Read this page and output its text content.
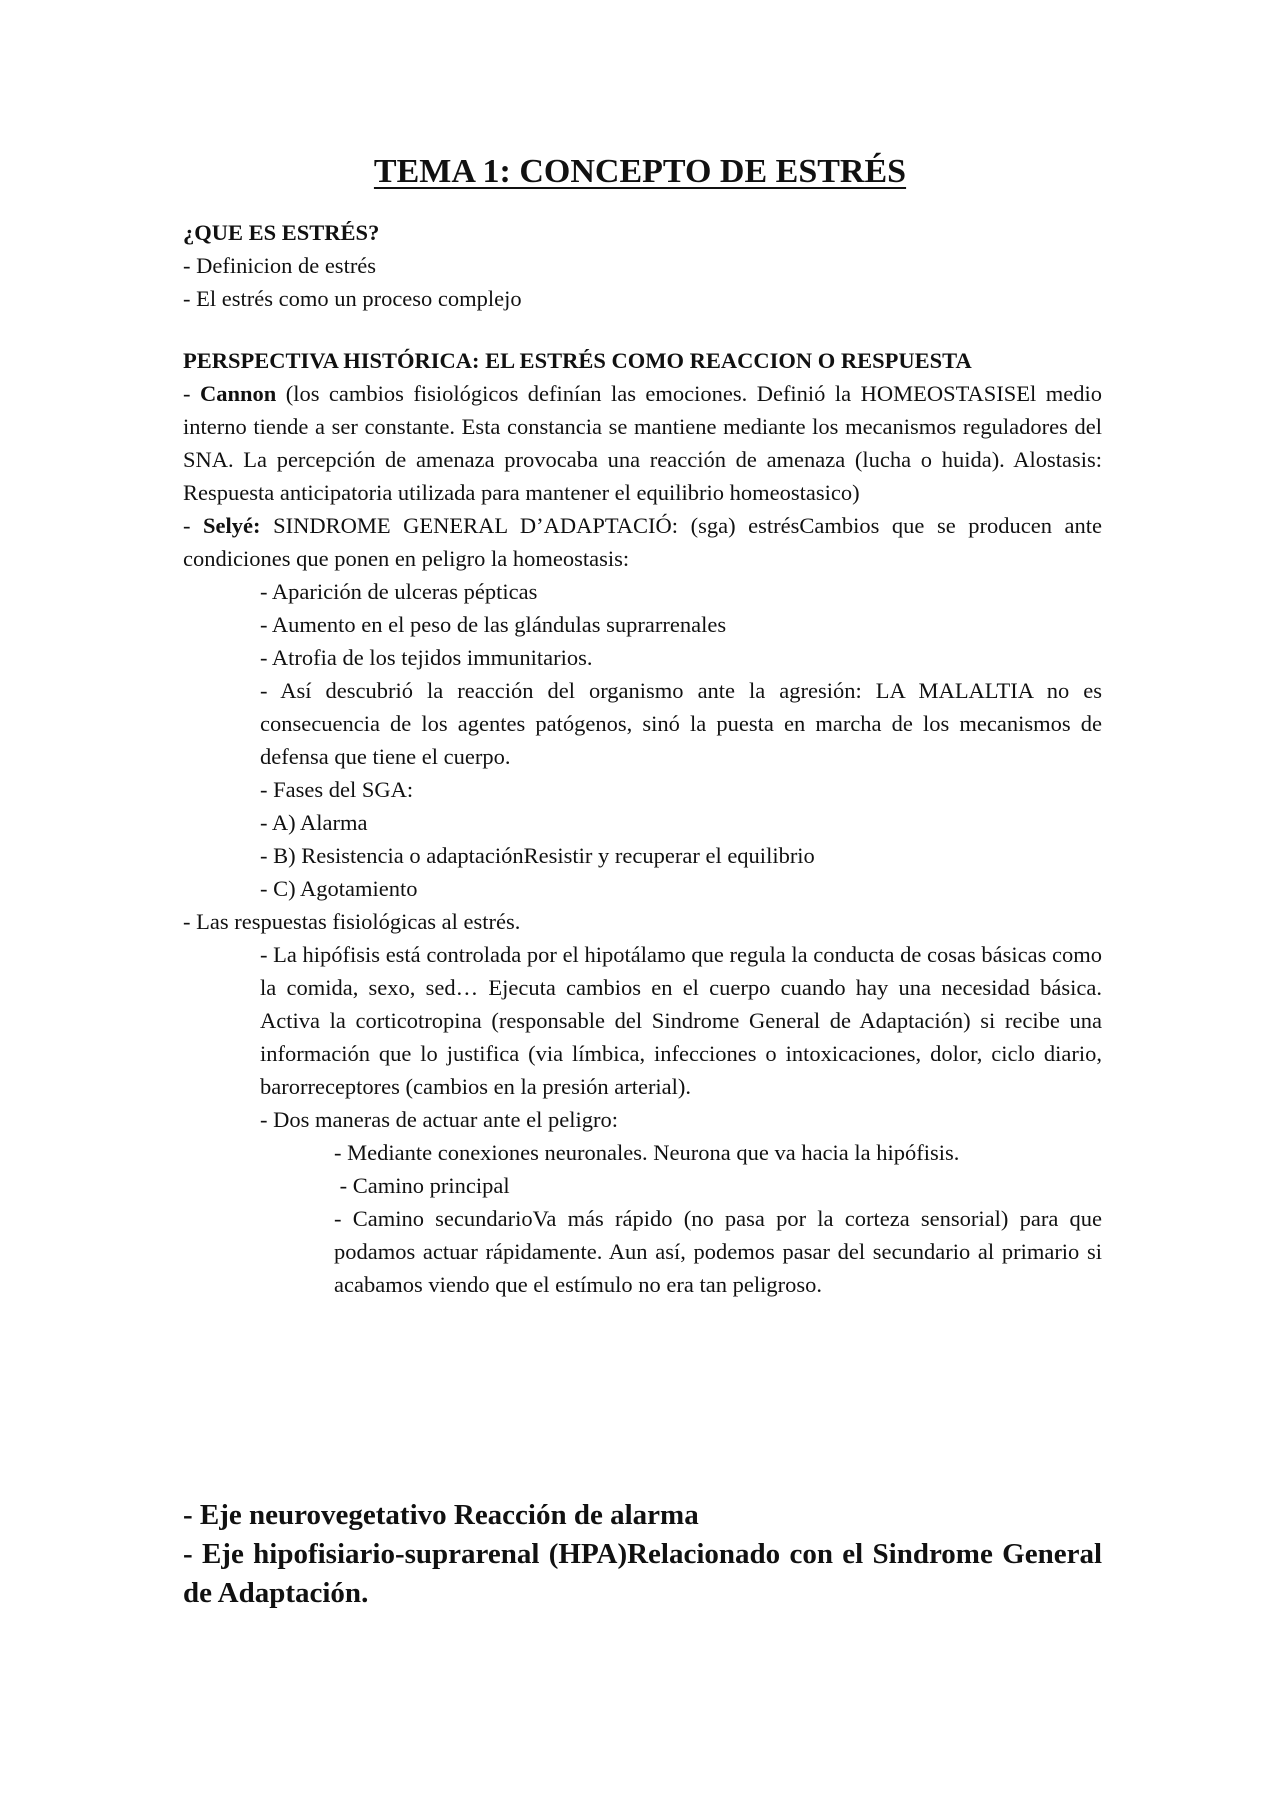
TEMA 1: CONCEPTO DE ESTRÉS

¿QUE ES ESTRÉS?

- Definicion de estrés

- El estrés como un proceso complejo

PERSPECTIVA HISTÓRICA: EL ESTRÉS COMO REACCION O RESPUESTA

- Cannon (los cambios fisiológicos definían las emociones. Definió la HOMEOSTASISEl medio interno tiende a ser constante. Esta constancia se mantiene mediante los mecanismos reguladores del SNA. La percepción de amenaza provocaba una reacción de amenaza (lucha o huida). Alostasis: Respuesta anticipatoria utilizada para mantener el equilibrio homeostasico)

- Selyé: SINDROME GENERAL D’ADAPTACIÓ: (sga) estrésCambios que se producen ante condiciones que ponen en peligro la homeostasis:

- Aparición de ulceras pépticas

- Aumento en el peso de las glándulas suprarrenales

- Atrofia de los tejidos immunitarios.

- Así descubrió la reacción del organismo ante la agresión: LA MALALTIA no es consecuencia de los agentes patógenos, sinó la puesta en marcha de los mecanismos de defensa que tiene el cuerpo.

- Fases del SGA:

- A) Alarma

- B) Resistencia o adaptaciónResistir y recuperar el equilibrio

- C) Agotamiento

- Las respuestas fisiológicas al estrés.

- La hipófisis está controlada por el hipotálamo que regula la conducta de cosas básicas como la comida, sexo, sed… Ejecuta cambios en el cuerpo cuando hay una necesidad básica. Activa la corticotropina (responsable del Sindrome General de Adaptación) si recibe una información que lo justifica (via límbica, infecciones o intoxicaciones, dolor, ciclo diario, barorreceptores (cambios en la presión arterial).

- Dos maneras de actuar ante el peligro:

- Mediante conexiones neuronales. Neurona que va hacia la hipófisis.

- Camino principal

- Camino secundarioVa más rápido (no pasa por la corteza sensorial) para que podamos actuar rápidamente. Aun así, podemos pasar del secundario al primario si acabamos viendo que el estímulo no era tan peligroso.

- Eje neurovegetativo Reacción de alarma

- Eje hipofisiario-suprarenal (HPA)Relacionado con el Sindrome General de Adaptación.
